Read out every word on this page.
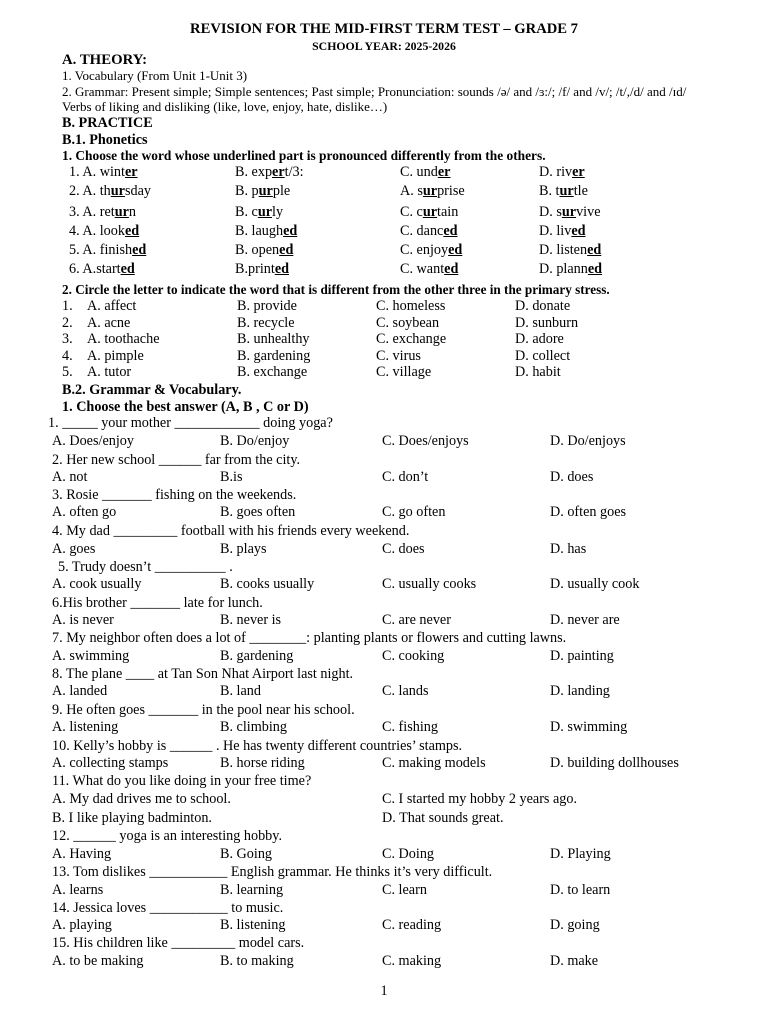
REVISION FOR THE MID-FIRST TERM TEST – GRADE 7
SCHOOL YEAR: 2025-2026
A. THEORY:
1. Vocabulary (From Unit 1-Unit 3)
2. Grammar: Present simple; Simple sentences; Past simple; Pronunciation: sounds /ə/ and /ɜ:/; /f/ and /v/; /t/,/d/ and /ɪd/
Verbs of liking and disliking (like, love, enjoy, hate, dislike…)
B. PRACTICE
B.1. Phonetics
1. Choose the word whose underlined part is pronounced differently from the others.
1. A. winter	B. expert/3:	C. under	D. river
2. A. thursday	B. purple	A. surprise	B. turtle
3. A. return	B. curly	C. curtain	D. survive
4. A. looked	B. laughed	C. danced	D. lived
5. A. finished	B. opened	C. enjoyed	D. listened
6. A.started	B.printed	C. wanted	D. planned
2. Circle the letter to indicate the word that is different from the other three in the primary stress.
1. A. affect	B. provide	C. homeless	D. donate
2. A. acne	B. recycle	C. soybean	D. sunburn
3. A. toothache	B. unhealthy	C. exchange	D. adore
4. A. pimple	B. gardening	C. virus	D. collect
5. A. tutor	B. exchange	C. village	D. habit
B.2. Grammar & Vocabulary.
1. Choose the best answer (A, B , C or D)
1. _____ your mother ____________ doing yoga?
A. Does/enjoy	B. Do/enjoy	C. Does/enjoys	D. Do/enjoys
2. Her new school ______ far from the city.
A. not	B.is	C. don’t	D. does
3. Rosie _______ fishing on the weekends.
A. often go	B. goes often	C. go often	D. often goes
4. My dad _________ football with his friends every weekend.
A. goes	B. plays	C. does	D. has
5. Trudy doesn’t __________ .
A. cook usually	B. cooks usually	C. usually cooks	D. usually cook
6.His brother _______ late for lunch.
A. is never	B. never is	C. are never	D. never are
7. My neighbor often does a lot of ________: planting plants or flowers and cutting lawns.
A. swimming	B. gardening	C. cooking	D. painting
8. The plane ____ at Tan Son Nhat Airport last night.
A. landed	B. land	C. lands	D. landing
9. He often goes _______ in the pool near his school.
A. listening	B. climbing	C. fishing	D. swimming
10. Kelly’s hobby is ______ . He has twenty different countries’ stamps.
A. collecting stamps	B. horse riding	C. making models	D. building dollhouses
11. What do you like doing in your free time?
A. My dad drives me to school.	C. I started my hobby 2 years ago.
B. I like playing badminton.	D. That sounds great.
12. ______ yoga is an interesting hobby.
A. Having	B. Going	C. Doing	D. Playing
13. Tom dislikes ___________ English grammar. He thinks it’s very difficult.
A. learns	B. learning	C. learn	D. to learn
14. Jessica loves ___________ to music.
A. playing	B. listening	C. reading	D. going
15. His children like _________ model cars.
A. to be making	B. to making	C. making	D. make
1
